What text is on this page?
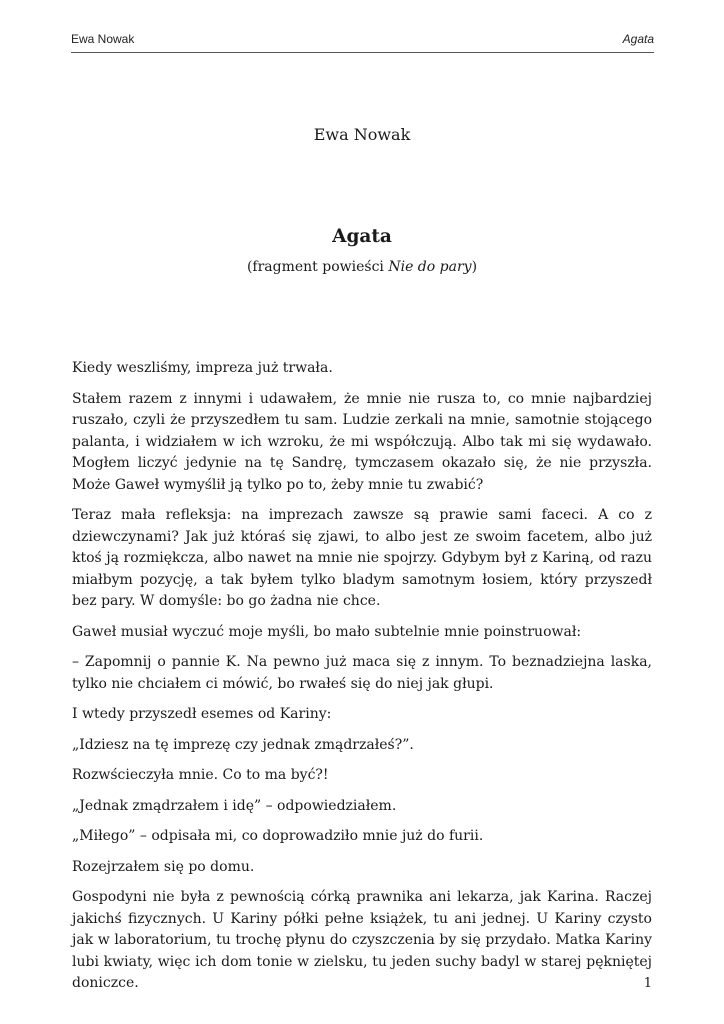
Ewa Nowak	Agata
Ewa Nowak
Agata
(fragment powieści Nie do pary)

Kiedy weszliśmy, impreza już trwała.

Stałem razem z innymi i udawałem, że mnie nie rusza to, co mnie najbardziej ruszało, czyli że przyszedłem tu sam. Ludzie zerkali na mnie, samotnie stojącego palanta, i widziałem w ich wzroku, że mi współczują. Albo tak mi się wydawało. Mogłem liczyć jedynie na tę Sandrę, tymczasem okazało się, że nie przyszła. Może Gaweł wymyślił ją tylko po to, żeby mnie tu zwabić?

Teraz mała refleksja: na imprezach zawsze są prawie sami faceci. A co z dziewczynami? Jak już któraś się zjawi, to albo jest ze swoim facetem, albo już ktoś ją rozmiękcza, albo nawet na mnie nie spojrzy. Gdybym był z Kariną, od razu miałbym pozycję, a tak byłem tylko bladym samotnym łosiem, który przyszedł bez pary. W domyśle: bo go żadna nie chce.

Gaweł musiał wyczuć moje myśli, bo mało subtelnie mnie poinstruował:

– Zapomnij o pannie K. Na pewno już maca się z innym. To beznadziejna laska, tylko nie chciałem ci mówić, bo rwałeś się do niej jak głupi.

I wtedy przyszedł esemes od Kariny:

„Idziesz na tę imprezę czy jednak zmądrzałeś?”.

Rozwścieczyła mnie. Co to ma być?!

„Jednak zmądrzałem i idę” – odpowiedziałem.

„Miłego” – odpisała mi, co doprowadziło mnie już do furii.

Rozejrzałem się po domu.

Gospodyni nie była z pewnością córką prawnika ani lekarza, jak Karina. Raczej jakichś fizycznych. U Kariny półki pełne książek, tu ani jednej. U Kariny czysto jak w laboratorium, tu trochę płynu do czyszczenia by się przydało. Matka Kariny lubi kwiaty, więc ich dom tonie w zielsku, tu jeden suchy badyl w starej pękniętej doniczce.	1
